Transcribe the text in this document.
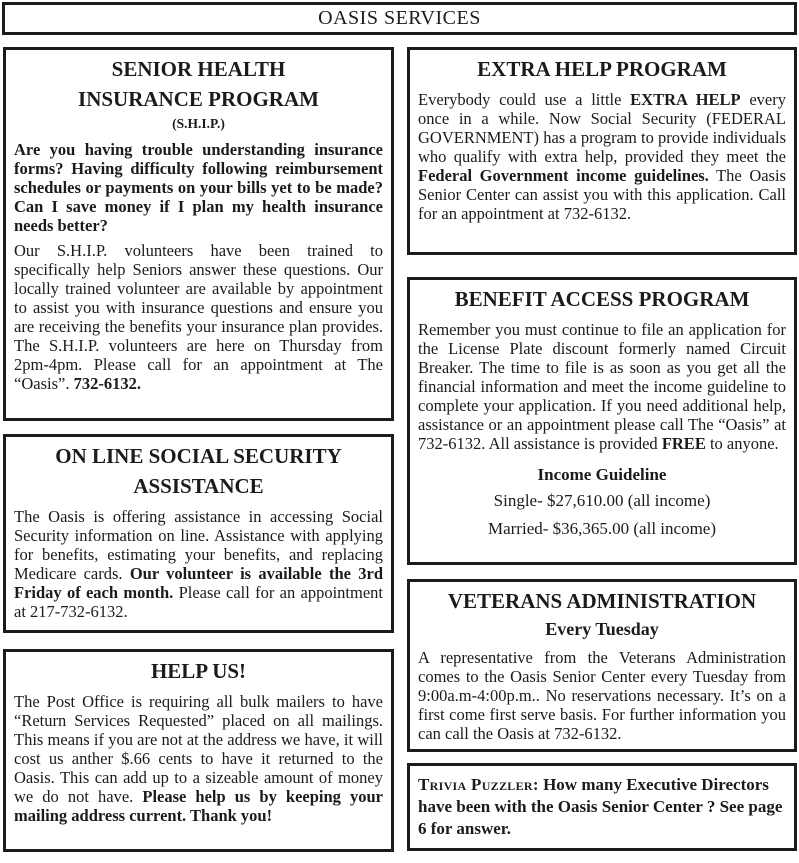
OASIS SERVICES
SENIOR HEALTH
INSURANCE PROGRAM
(S.H.I.P.)
Are you having trouble understanding insurance forms? Having difficulty following reimbursement schedules or payments on your bills yet to be made? Can I save money if I plan my health insurance needs better?
Our S.H.I.P. volunteers have been trained to specifically help Seniors answer these questions. Our locally trained volunteer are available by appointment to assist you with insurance questions and ensure you are receiving the benefits your insurance plan provides. The S.H.I.P. volunteers are here on Thursday from 2pm-4pm. Please call for an appointment at The “Oasis”. 732-6132.
ON LINE SOCIAL SECURITY
ASSISTANCE
The Oasis is offering assistance in accessing Social Security information on line. Assistance with applying for benefits, estimating your benefits, and replacing Medicare cards. Our volunteer is available the 3rd Friday of each month. Please call for an appointment at 217-732-6132.
HELP US!
The Post Office is requiring all bulk mailers to have “Return Services Requested” placed on all mailings. This means if you are not at the address we have, it will cost us anther $.66 cents to have it returned to the Oasis. This can add up to a sizeable amount of money we do not have. Please help us by keeping your mailing address current. Thank you!
EXTRA HELP PROGRAM
Everybody could use a little EXTRA HELP every once in a while. Now Social Security (FEDERAL GOVERNMENT) has a program to provide individuals who qualify with extra help, provided they meet the Federal Government income guidelines. The Oasis Senior Center can assist you with this application. Call for an appointment at 732-6132.
BENEFIT ACCESS PROGRAM
Remember you must continue to file an application for the License Plate discount formerly named Circuit Breaker. The time to file is as soon as you get all the financial information and meet the income guideline to complete your application. If you need additional help, assistance or an appointment please call The “Oasis” at 732-6132. All assistance is provided FREE to anyone.
Income Guideline
Single- $27,610.00 (all income)
Married- $36,365.00 (all income)
VETERANS ADMINISTRATION
Every Tuesday
A representative from the Veterans Administration comes to the Oasis Senior Center every Tuesday from 9:00a.m-4:00p.m.. No reservations necessary. It’s on a first come first serve basis. For further information you can call the Oasis at 732-6132.
Trivia Puzzler: How many Executive Directors have been with the Oasis Senior Center ? See page 6 for answer.
